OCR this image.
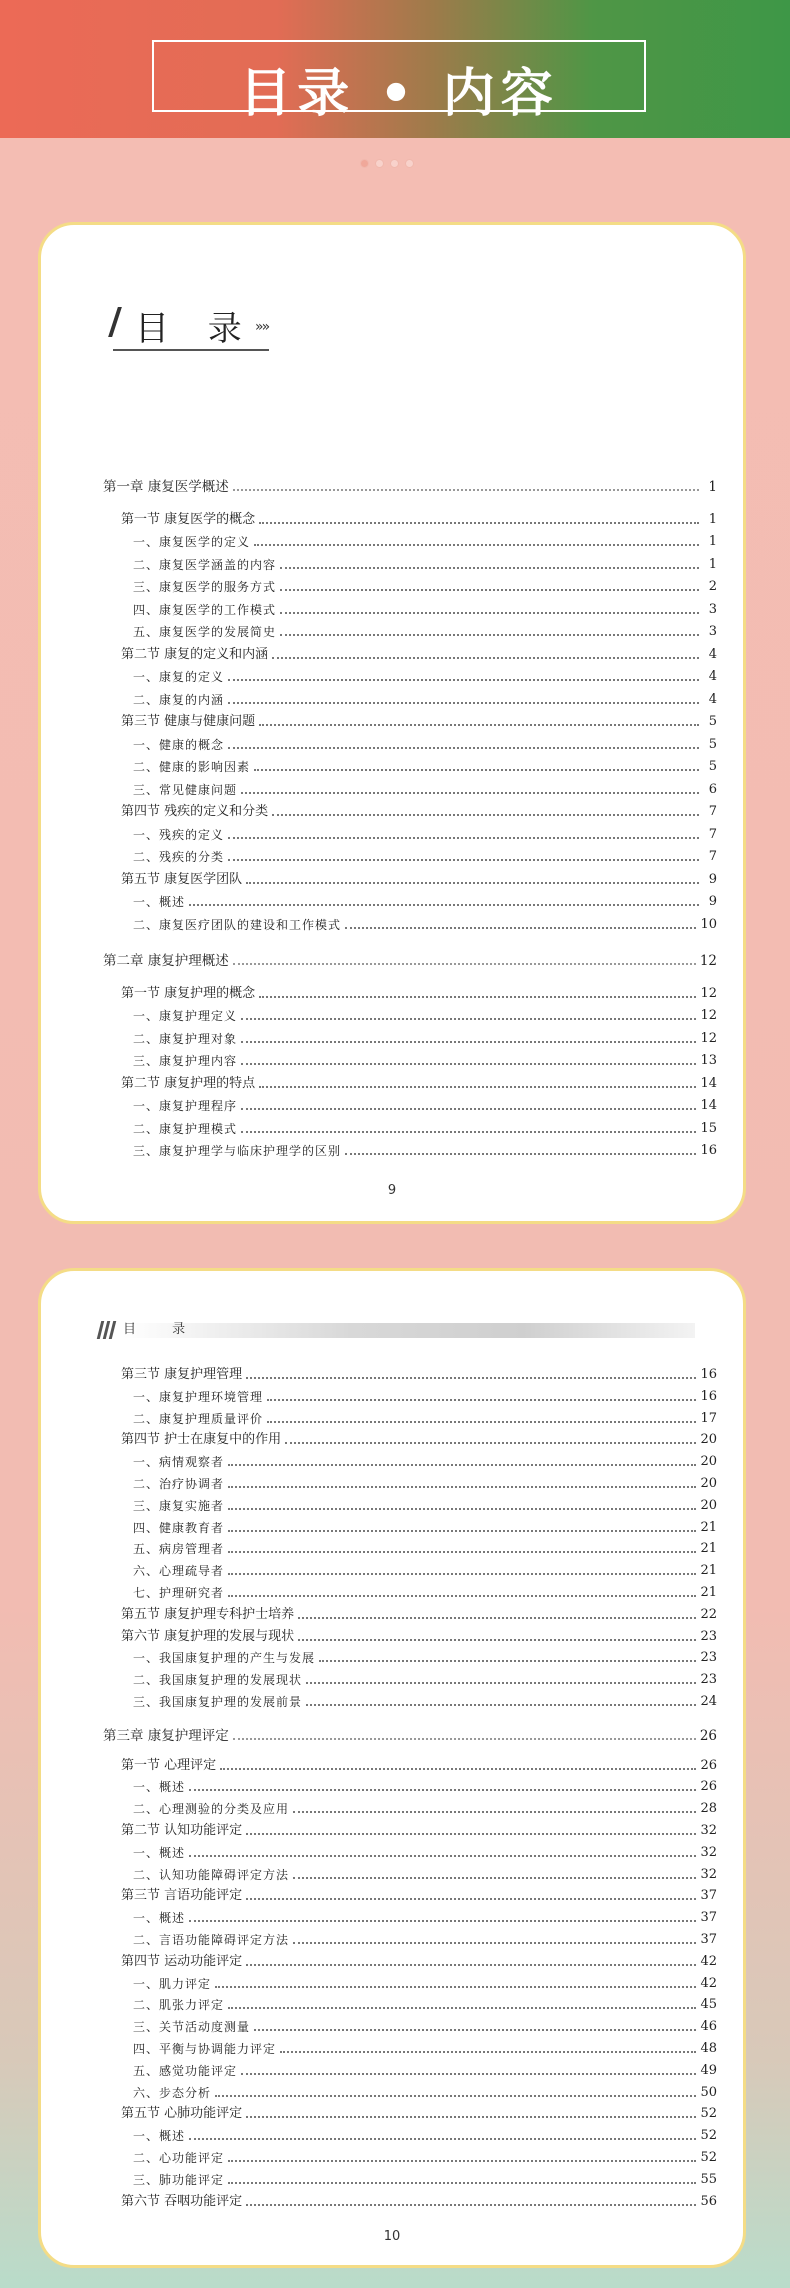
目录 • 内容
目 录 »»
第一章 康复医学概述	1
第一节 康复医学的概念	1
一、康复医学的定义	1
二、康复医学涵盖的内容	1
三、康复医学的服务方式	2
四、康复医学的工作模式	3
五、康复医学的发展简史	3
第二节 康复的定义和内涵	4
一、康复的定义	4
二、康复的内涵	4
第三节 健康与健康问题	5
一、健康的概念	5
二、健康的影响因素	5
三、常见健康问题	6
第四节 残疾的定义和分类	7
一、残疾的定义	7
二、残疾的分类	7
第五节 康复医学团队	9
一、概述	9
二、康复医疗团队的建设和工作模式	10
第二章 康复护理概述	12
第一节 康复护理的概念	12
一、康复护理定义	12
二、康复护理对象	12
三、康复护理内容	13
第二节 康复护理的特点	14
一、康复护理程序	14
二、康复护理模式	15
三、康复护理学与临床护理学的区别	16
9
目 录
第三节 康复护理管理	16
一、康复护理环境管理	16
二、康复护理质量评价	17
第四节 护士在康复中的作用	20
一、病情观察者	20
二、治疗协调者	20
三、康复实施者	20
四、健康教育者	21
五、病房管理者	21
六、心理疏导者	21
七、护理研究者	21
第五节 康复护理专科护士培养	22
第六节 康复护理的发展与现状	23
一、我国康复护理的产生与发展	23
二、我国康复护理的发展现状	23
三、我国康复护理的发展前景	24
第三章 康复护理评定	26
第一节 心理评定	26
一、概述	26
二、心理测验的分类及应用	28
第二节 认知功能评定	32
一、概述	32
二、认知功能障碍评定方法	32
第三节 言语功能评定	37
一、概述	37
二、言语功能障碍评定方法	37
第四节 运动功能评定	42
一、肌力评定	42
二、肌张力评定	45
三、关节活动度测量	46
四、平衡与协调能力评定	48
五、感觉功能评定	49
六、步态分析	50
第五节 心肺功能评定	52
一、概述	52
二、心功能评定	52
三、肺功能评定	55
第六节 吞咽功能评定	56
10
